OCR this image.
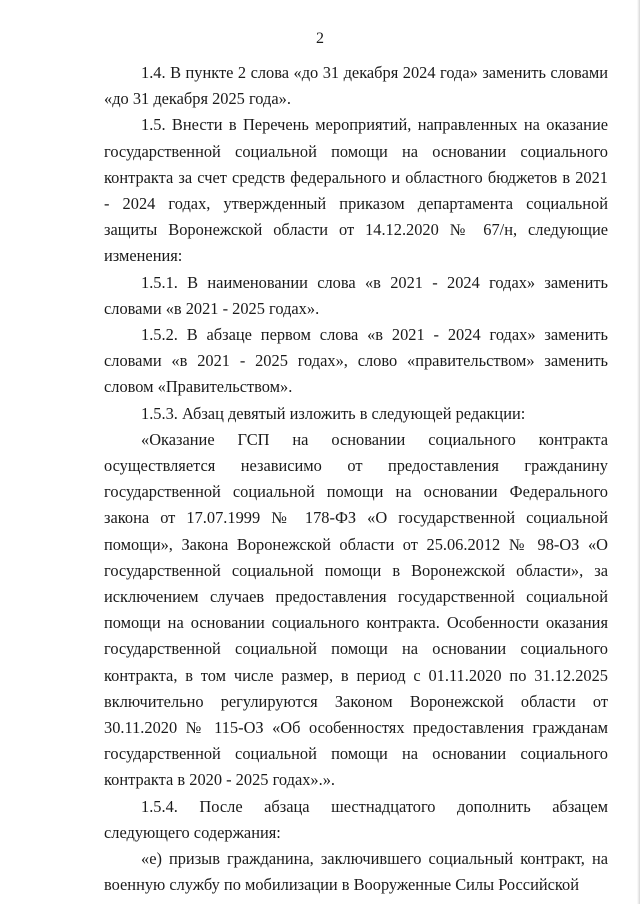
2

1.4. В пункте 2 слова «до 31 декабря 2024 года» заменить словами «до 31 декабря 2025 года».

1.5. Внести в Перечень мероприятий, направленных на оказание государственной социальной помощи на основании социального контракта за счет средств федерального и областного бюджетов в 2021 - 2024 годах, утвержденный приказом департамента социальной защиты Воронежской области от 14.12.2020 № 67/н, следующие изменения:

1.5.1. В наименовании слова «в 2021 - 2024 годах» заменить словами «в 2021 - 2025 годах».

1.5.2. В абзаце первом слова «в 2021 - 2024 годах» заменить словами «в 2021 - 2025 годах», слово «правительством» заменить словом «Правительством».

1.5.3. Абзац девятый изложить в следующей редакции:

«Оказание ГСП на основании социального контракта осуществляется независимо от предоставления гражданину государственной социальной помощи на основании Федерального закона от 17.07.1999 № 178-ФЗ «О государственной социальной помощи», Закона Воронежской области от 25.06.2012 № 98-ОЗ «О государственной социальной помощи в Воронежской области», за исключением случаев предоставления государственной социальной помощи на основании социального контракта. Особенности оказания государственной социальной помощи на основании социального контракта, в том числе размер, в период с 01.11.2020 по 31.12.2025 включительно регулируются Законом Воронежской области от 30.11.2020 № 115-ОЗ «Об особенностях предоставления гражданам государственной социальной помощи на основании социального контракта в 2020 - 2025 годах».».

1.5.4. После абзаца шестнадцатого дополнить абзацем следующего содержания:

«е) призыв гражданина, заключившего социальный контракт, на военную службу по мобилизации в Вооруженные Силы Российской
